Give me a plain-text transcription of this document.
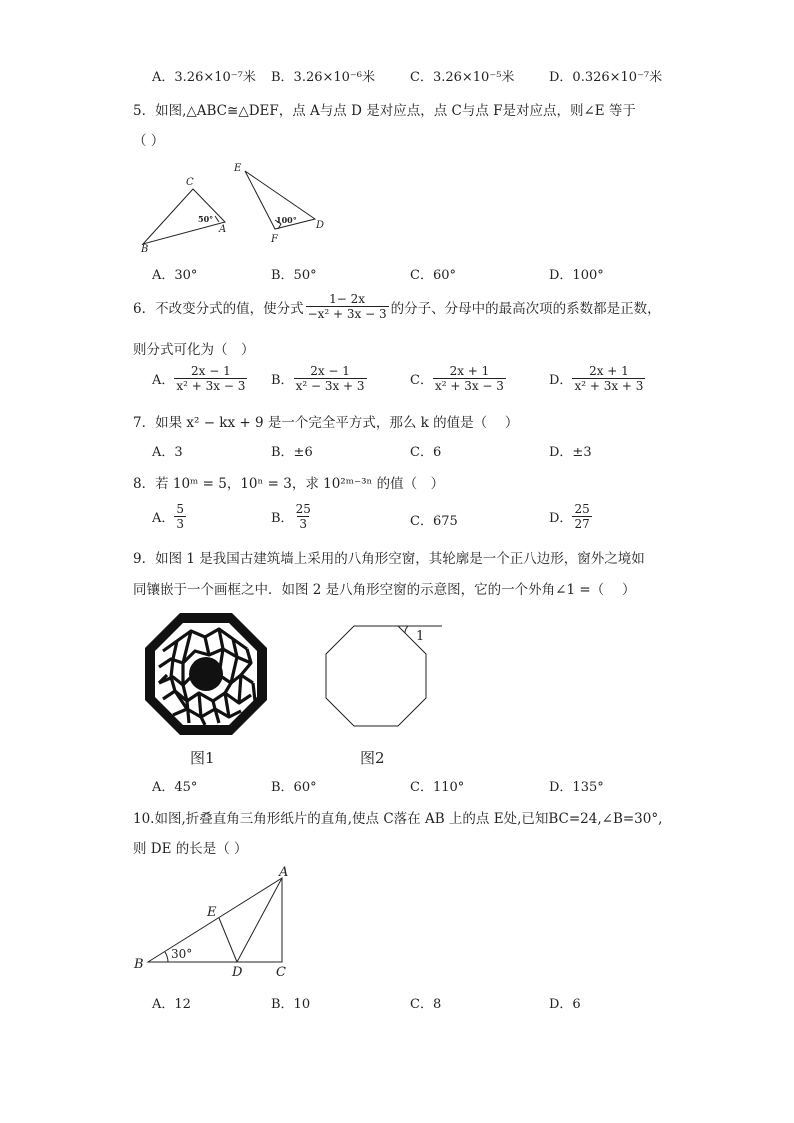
A．3.26×10⁻⁷米 B．3.26×10⁻⁶米	C．3.26×10⁻⁵米	D．0.326×10⁻⁷米
5．如图,△ABC≅△DEF，点 A与点 D 是对应点，点 C与点 F是对应点，则∠E 等于
（ ）
C
A
B
E
D
F
50°	100°
A．30°	B．50°	C．60°	D．100°
6．不改变分式的值，使分式 $\frac{1- 2x}{\text{−x² + 3x − 3}}$ 的分子、分母中的最高次项的系数都是正数，
则分式可化为（　）
A． $\frac{2x - 1}{\text{x² + 3x − 3}}$ B． $\frac{2x - 1}{\text{x² − 3x + 3}}$	C． $\frac{2x + 1}{\text{x² + 3x − 3}}$	D． $\frac{2x + 1}{\text{x² + 3x + 3}}$
7．如果 x² − kx + 9 是一个完全平方式，那么 k 的值是（　 ）
A．3	B．±6	C．6	D．±3
8．若 10ᵐ = 5，10ⁿ = 3，求 10²ᵐ⁻³ⁿ 的值（　）
A． $\frac{5}{3}$	B． $\frac{25}{3}$	C．675	D． $\frac{25}{27}$
9．如图 1 是我国古建筑墙上采用的八角形空窗，其轮廓是一个正八边形，窗外之境如
同镶嵌于一个画框之中．如图 2 是八角形空窗的示意图，它的一个外角∠1 =（　 ）
图1
1
图2
A．45°	B．60°	C．110°	D．135°
10.如图,折叠直角三角形纸片的直角,使点 C落在 AB 上的点 E处,已知BC=24,∠B=30°,
则 DE 的长是（ ）
A
E
B
D	C
30°
A．12	B．10	C．8	D．6
